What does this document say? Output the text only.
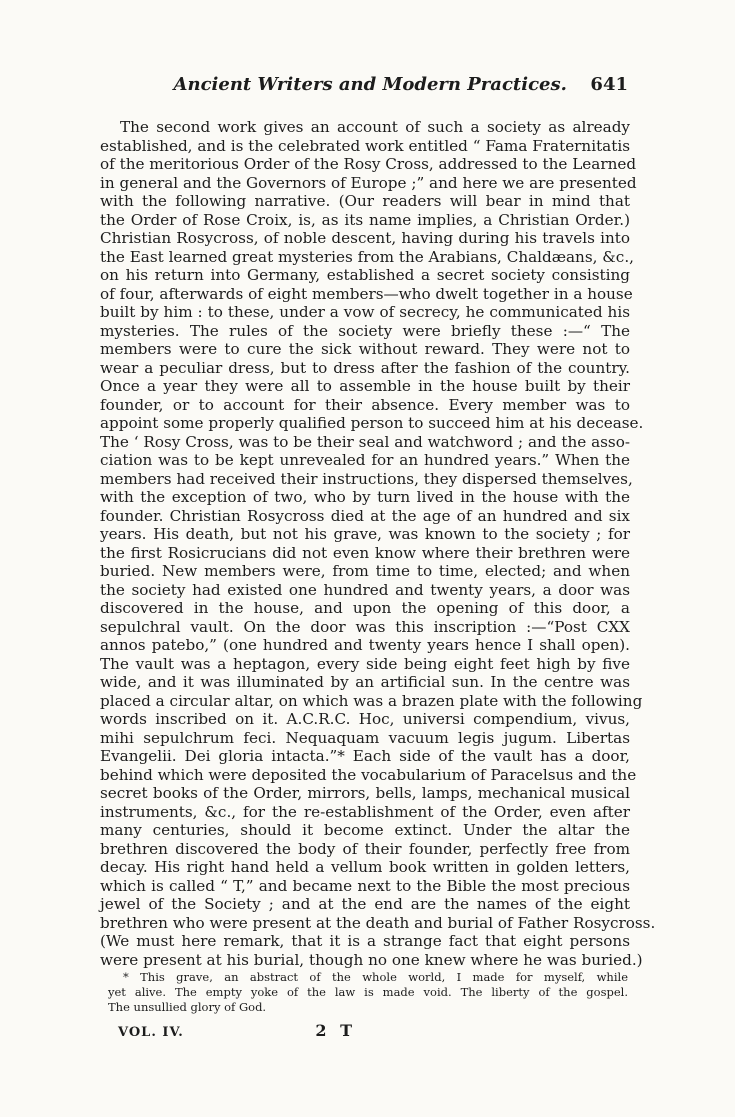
Ancient Writers and Modern Practices.	641
The second work gives an account of such a society as already
established, and is the celebrated work entitled “ Fama Fraternitatis
of the meritorious Order of the Rosy Cross, addressed to the Learned
in general and the Governors of Europe ;” and here we are presented
with the following narrative. (Our readers will bear in mind that
the Order of Rose Croix, is, as its name implies, a Christian Order.)
Christian Rosycross, of noble descent, having during his travels into
the East learned great mysteries from the Arabians, Chaldæans, &c.,
on his return into Germany, established a secret society consisting
of four, afterwards of eight members—who dwelt together in a house
built by him : to these, under a vow of secrecy, he communicated his
mysteries. The rules of the society were briefly these :—“ The
members were to cure the sick without reward. They were not to
wear a peculiar dress, but to dress after the fashion of the country.
Once a year they were all to assemble in the house built by their
founder, or to account for their absence. Every member was to
appoint some properly qualified person to succeed him at his decease.
The ‘ Rosy Cross, was to be their seal and watchword ; and the asso-
ciation was to be kept unrevealed for an hundred years.” When the
members had received their instructions, they dispersed themselves,
with the exception of two, who by turn lived in the house with the
founder. Christian Rosycross died at the age of an hundred and six
years. His death, but not his grave, was known to the society ; for
the first Rosicrucians did not even know where their brethren were
buried. New members were, from time to time, elected; and when
the society had existed one hundred and twenty years, a door was
discovered in the house, and upon the opening of this door, a
sepulchral vault. On the door was this inscription :—“Post CXX
annos patebo,” (one hundred and twenty years hence I shall open).
The vault was a heptagon, every side being eight feet high by five
wide, and it was illuminated by an artificial sun. In the centre was
placed a circular altar, on which was a brazen plate with the following
words inscribed on it. A.C.R.C. Hoc, universi compendium, vivus,
mihi sepulchrum feci. Nequaquam vacuum legis jugum. Libertas
Evangelii. Dei gloria intacta.”* Each side of the vault has a door,
behind which were deposited the vocabularium of Paracelsus and the
secret books of the Order, mirrors, bells, lamps, mechanical musical
instruments, &c., for the re-establishment of the Order, even after
many centuries, should it become extinct. Under the altar the
brethren discovered the body of their founder, perfectly free from
decay. His right hand held a vellum book written in golden letters,
which is called “ T,” and became next to the Bible the most precious
jewel of the Society ; and at the end are the names of the eight
brethren who were present at the death and burial of Father Rosycross.
(We must here remark, that it is a strange fact that eight persons
were present at his burial, though no one knew where he was buried.)
* This grave, an abstract of the whole world, I made for myself, while
yet alive. The empty yoke of the law is made void. The liberty of the gospel.
The unsullied glory of God.
VOL. IV.	2 T
